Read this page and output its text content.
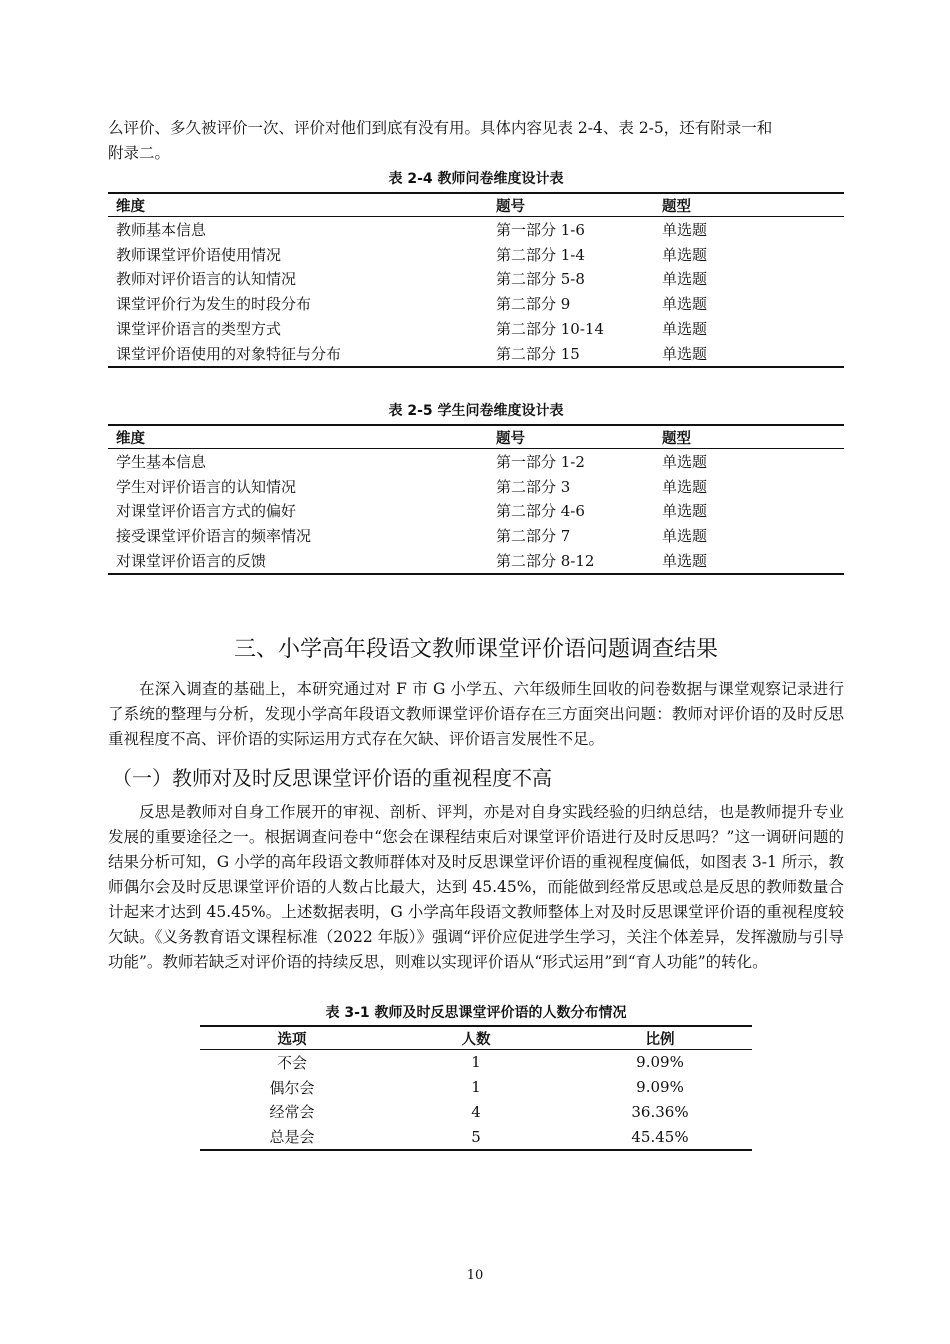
么评价、多久被评价一次、评价对他们到底有没有用。具体内容见表 2-4、表 2-5，还有附录一和

附录二。

表 2-4 教师问卷维度设计表

维度	题号	题型
教师基本信息	第一部分 1-6	单选题
教师课堂评价语使用情况	第二部分 1-4	单选题
教师对评价语言的认知情况	第二部分 5-8	单选题
课堂评价行为发生的时段分布	第二部分 9	单选题
课堂评价语言的类型方式	第二部分 10-14	单选题
课堂评价语使用的对象特征与分布	第二部分 15	单选题

表 2-5 学生问卷维度设计表

维度	题号	题型
学生基本信息	第一部分 1-2	单选题
学生对评价语言的认知情况	第二部分 3	单选题
对课堂评价语言方式的偏好	第二部分 4-6	单选题
接受课堂评价语言的频率情况	第二部分 7	单选题
对课堂评价语言的反馈	第二部分 8-12	单选题
三、小学高年段语文教师课堂评价语问题调查结果

在深入调查的基础上，本研究通过对 F 市 G 小学五、六年级师生回收的问卷数据与课堂观察记录进行了系统的整理与分析，发现小学高年段语文教师课堂评价语存在三方面突出问题：教师对评价语的及时反思重视程度不高、评价语的实际运用方式存在欠缺、评价语言发展性不足。

（一）教师对及时反思课堂评价语的重视程度不高

反思是教师对自身工作展开的审视、剖析、评判，亦是对自身实践经验的归纳总结，也是教师提升专业发展的重要途径之一。根据调查问卷中“您会在课程结束后对课堂评价语进行及时反思吗？”这一调研问题的结果分析可知，G 小学的高年段语文教师群体对及时反思课堂评价语的重视程度偏低，如图表 3-1 所示，教师偶尔会及时反思课堂评价语的人数占比最大，达到 45.45%，而能做到经常反思或总是反思的教师数量合计起来才达到 45.45%。上述数据表明，G 小学高年段语文教师整体上对及时反思课堂评价语的重视程度较欠缺。《义务教育语文课程标准（2022 年版）》强调“评价应促进学生学习，关注个体差异，发挥激励与引导功能”。教师若缺乏对评价语的持续反思，则难以实现评价语从“形式运用”到“育人功能”的转化。

表 3-1 教师及时反思课堂评价语的人数分布情况

选项	人数	比例
不会	1	9.09%
偶尔会	1	9.09%
经常会	4	36.36%
总是会	5	45.45%
10
